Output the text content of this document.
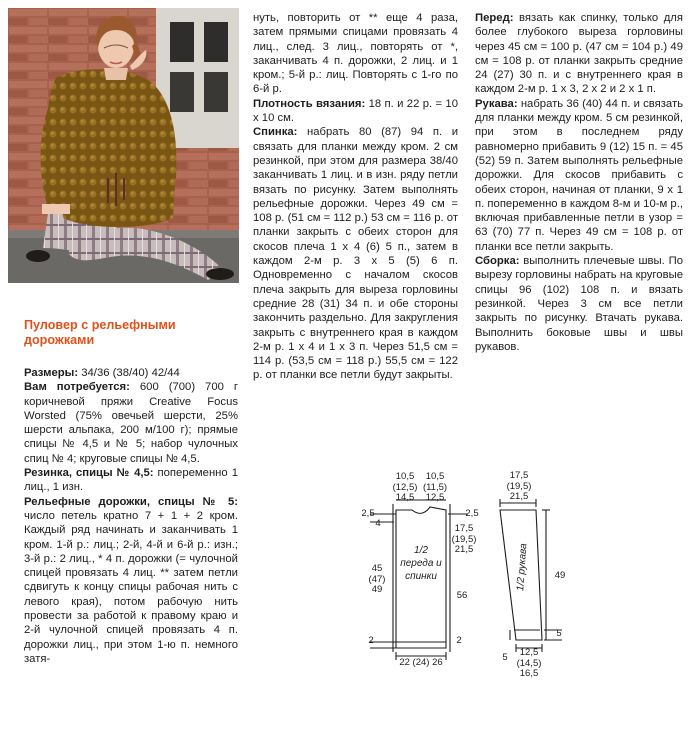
Пуловер с рельефными дорожками

Размеры: 34/36 (38/40) 42/44

Вам потребуется: 600 (700) 700 г коричневой пряжи Creative Focus Worsted (75% овечьей шерсти, 25% шерсти альпака, 200 м/100 г); прямые спицы № 4,5 и № 5; набор чулочных спиц № 4; круговые спицы № 4,5.

Резинка, спицы № 4,5: попеременно 1 лиц., 1 изн.

Рельефные дорожки, спицы № 5: число петель кратно 7 + 1 + 2 кром. Каждый ряд начинать и заканчивать 1 кром. 1-й р.: лиц.; 2-й, 4-й и 6-й р.: изн.; 3-й р.: 2 лиц., * 4 п. дорожки (= чулочной спицей провязать 4 лиц. ** затем петли сдвигуть к концу спицы рабочая нить с левого края), потом рабочую нить провести за работой к правому краю и 2-й чулочной спицей провязать 4 п. дорожки лиц., при этом 1-ю п. немного затя-

нуть, повторить от ** еще 4 раза, затем прямыми спицами провязать 4 лиц., след. 3 лиц., повторять от *, заканчивать 4 п. дорожки, 2 лиц. и 1 кром.; 5-й р.: лиц. Повторять с 1-го по 6-й р.

Плотность вязания: 18 п. и 22 р. = 10 х 10 см.

Спинка: набрать 80 (87) 94 п. и связать для планки между кром. 2 см резинкой, при этом для размера 38/40 заканчивать 1 лиц. и в изн. ряду петли вязать по рисунку. Затем выполнять рельефные дорожки. Через 49 см = 108 р. (51 см = 112 р.) 53 см = 116 р. от планки закрыть с обеих сторон для скосов плеча 1 х 4 (6) 5 п., затем в каждом 2-м р. 3 х 5 (5) 6 п. Одновременно с началом скосов плеча закрыть для выреза горловины средние 28 (31) 34 п. и обе стороны закончить раздельно. Для закругления закрыть с внутреннего края в каждом 2-м р. 1 х 4 и 1 х 3 п. Через 51,5 см = 114 р. (53,5 см = 118 р.) 55,5 см = 122 р. от планки все петли будут закрыты.

Перед: вязать как спинку, только для более глубокого выреза горловины через 45 см = 100 р. (47 см = 104 р.) 49 см = 108 р. от планки закрыть средние 24 (27) 30 п. и с внутреннего края в каждом 2-м р. 1 х 3, 2 х 2 и 2 х 1 п.

Рукава: набрать 36 (40) 44 п. и связать для планки между кром. 5 см резинкой, при этом в последнем ряду равномерно прибавить 9 (12) 15 п. = 45 (52) 59 п. Затем выполнять рельефные дорожки. Для скосов прибавить с обеих сторон, начиная от планки, 9 х 1 п. попеременно в каждом 8-м и 10-м р., включая прибавленные петли в узор = 63 (70) 77 п. Через 49 см = 108 р. от планки все петли закрыть.

Сборка: выполнить плечевые швы. По вырезу горловины набрать на круговые спицы 96 (102) 108 п. и вязать резинкой. Через 3 см все петли закрыть по рисунку. Втачать рукава. Выполнить боковые швы и швы рукавов.

10,5
(12,5)
14,5
10,5
(11,5)
12,5
2,5
4
2,5
17,5
(19,5)
21,5
45
(47)
49
1/2 переда и спинки
56
2	2
22 (24) 26
17,5
(19,5)
21,5
1/2 рукава	49
5
5	12,5
(14,5)
16,5
